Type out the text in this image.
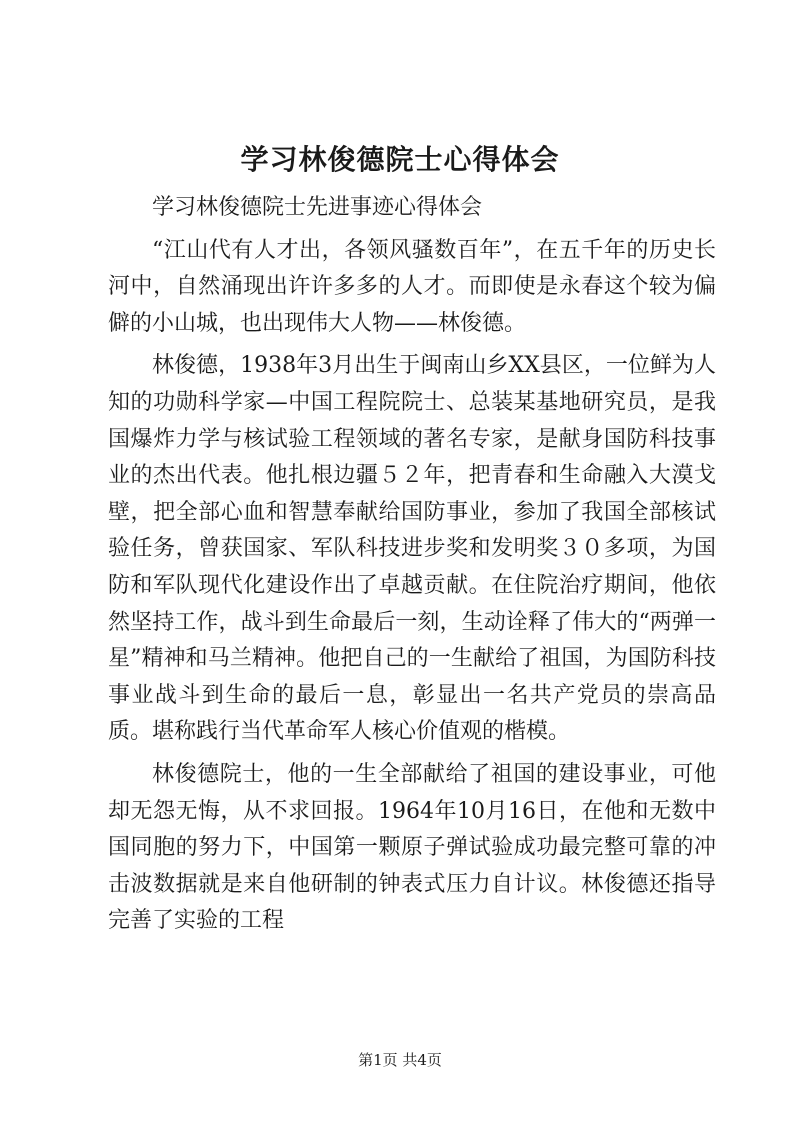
学习林俊德院士心得体会

学习林俊德院士先进事迹心得体会

“江山代有人才出，各领风骚数百年”，在五千年的历史长河中，自然涌现出许许多多的人才。而即使是永春这个较为偏僻的小山城，也出现伟大人物——林俊德。

林俊德，1938年3月出生于闽南山乡XX县区，一位鲜为人知的功勋科学家—中国工程院院士、总装某基地研究员，是我国爆炸力学与核试验工程领域的著名专家，是献身国防科技事业的杰出代表。他扎根边疆５２年，把青春和生命融入大漠戈壁，把全部心血和智慧奉献给国防事业，参加了我国全部核试验任务，曾获国家、军队科技进步奖和发明奖３０多项，为国防和军队现代化建设作出了卓越贡献。在住院治疗期间，他依然坚持工作，战斗到生命最后一刻，生动诠释了伟大的“两弹一星”精神和马兰精神。他把自己的一生献给了祖国，为国防科技事业战斗到生命的最后一息，彰显出一名共产党员的崇高品质。堪称践行当代革命军人核心价值观的楷模。

林俊德院士，他的一生全部献给了祖国的建设事业，可他却无怨无悔，从不求回报。1964年10月16日，在他和无数中国同胞的努力下，中国第一颗原子弹试验成功最完整可靠的冲击波数据就是来自他研制的钟表式压力自计议。林俊德还指导完善了实验的工程

第1页 共4页
